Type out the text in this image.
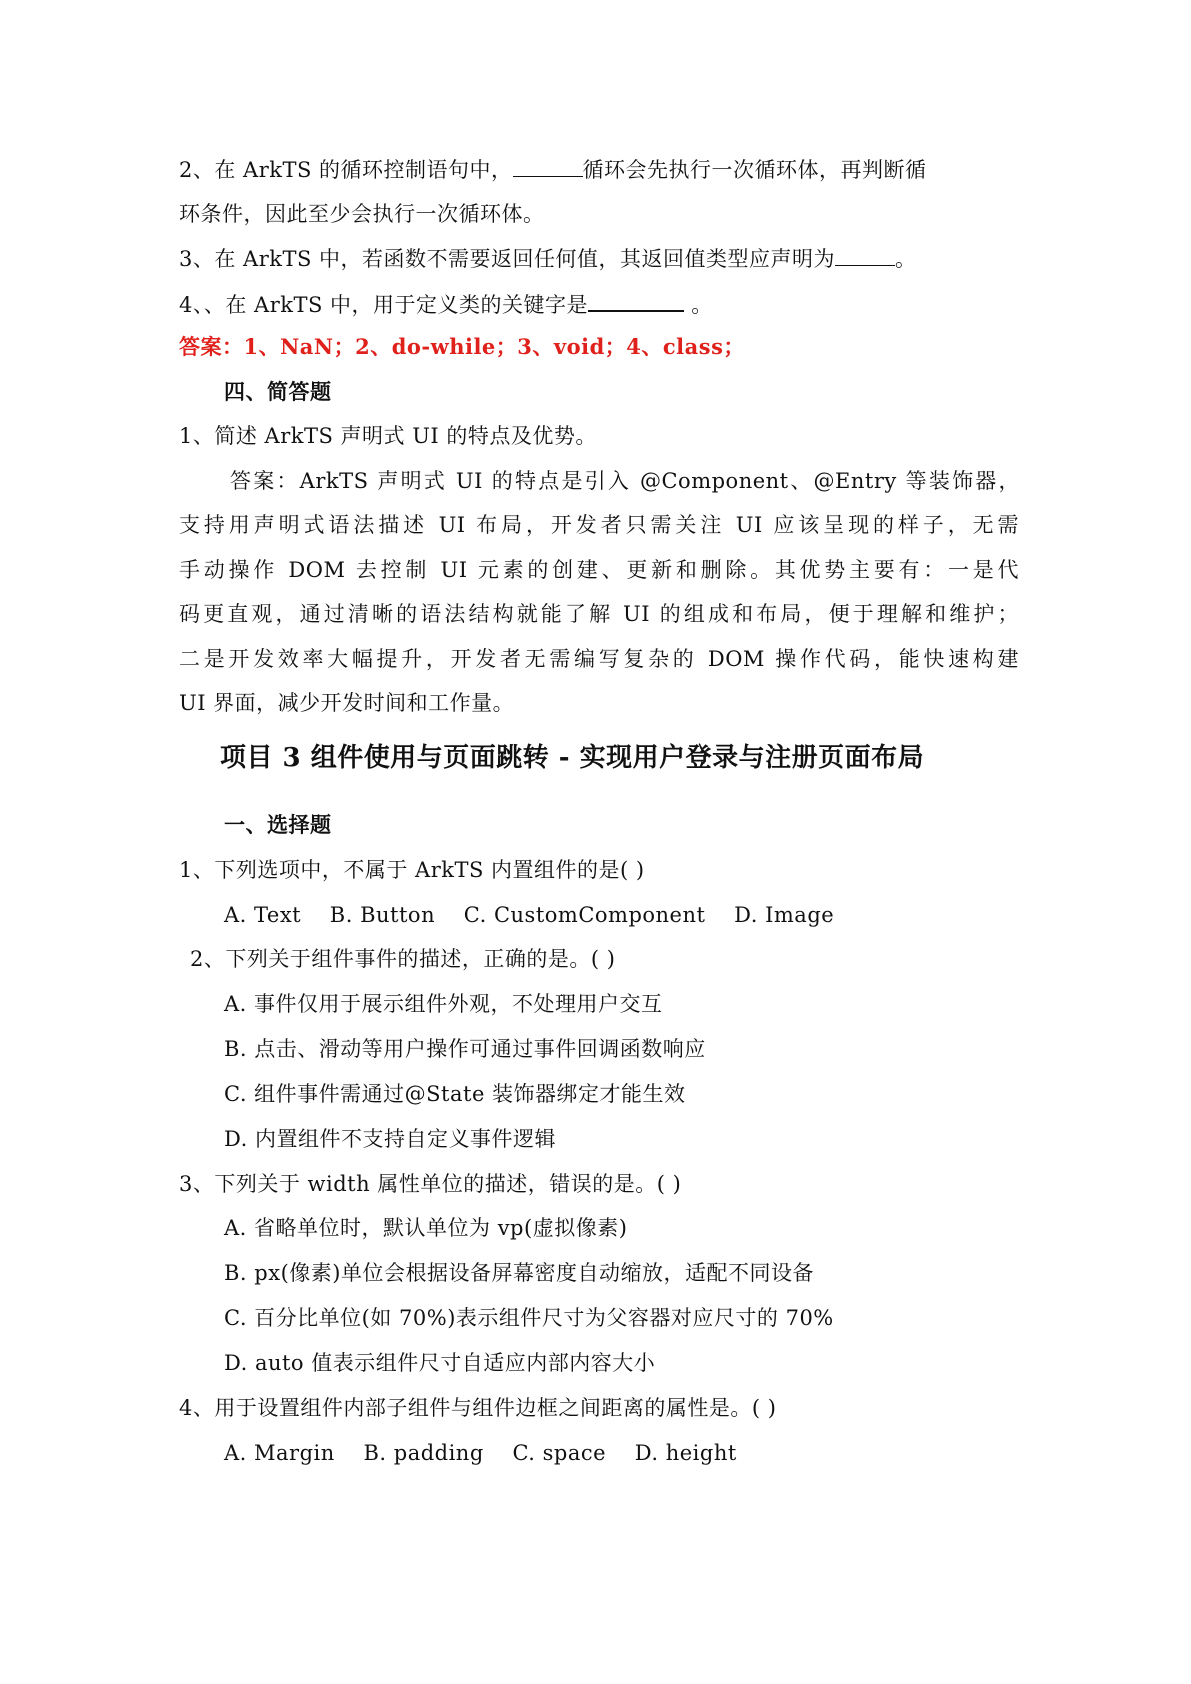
2、在 ArkTS 的循环控制语句中，	循环会先执行一次循环体，再判断循
环条件，因此至少会执行一次循环体。
3、在 ArkTS 中，若函数不需要返回任何值，其返回值类型应声明为	。
4、、在 ArkTS 中，用于定义类的关键字是	。
答案：1、NaN；2、do-while；3、void；4、class；
四、简答题
1、简述 ArkTS 声明式 UI 的特点及优势。
答案：ArkTS 声明式 UI 的特点是引入 @Component、@Entry 等装饰器，
支持用声明式语法描述 UI 布局，开发者只需关注 UI 应该呈现的样子，无需
手动操作 DOM 去控制 UI 元素的创建、更新和删除。其优势主要有：一是代
码更直观，通过清晰的语法结构就能了解 UI 的组成和布局，便于理解和维护；
二是开发效率大幅提升，开发者无需编写复杂的 DOM 操作代码，能快速构建
UI 界面，减少开发时间和工作量。
项目 3 组件使用与页面跳转 - 实现用户登录与注册页面布局
一、选择题
1、下列选项中，不属于 ArkTS 内置组件的是( )
A. Text    B. Button    C. CustomComponent    D. Image
2、下列关于组件事件的描述，正确的是。( )
A. 事件仅用于展示组件外观，不处理用户交互
B. 点击、滑动等用户操作可通过事件回调函数响应
C. 组件事件需通过@State 装饰器绑定才能生效
D. 内置组件不支持自定义事件逻辑
3、下列关于 width 属性单位的描述，错误的是。( )
A. 省略单位时，默认单位为 vp(虚拟像素)
B. px(像素)单位会根据设备屏幕密度自动缩放，适配不同设备
C. 百分比单位(如 70%)表示组件尺寸为父容器对应尺寸的 70%
D. auto 值表示组件尺寸自适应内部内容大小
4、用于设置组件内部子组件与组件边框之间距离的属性是。( )
A. Margin    B. padding    C. space    D. height
